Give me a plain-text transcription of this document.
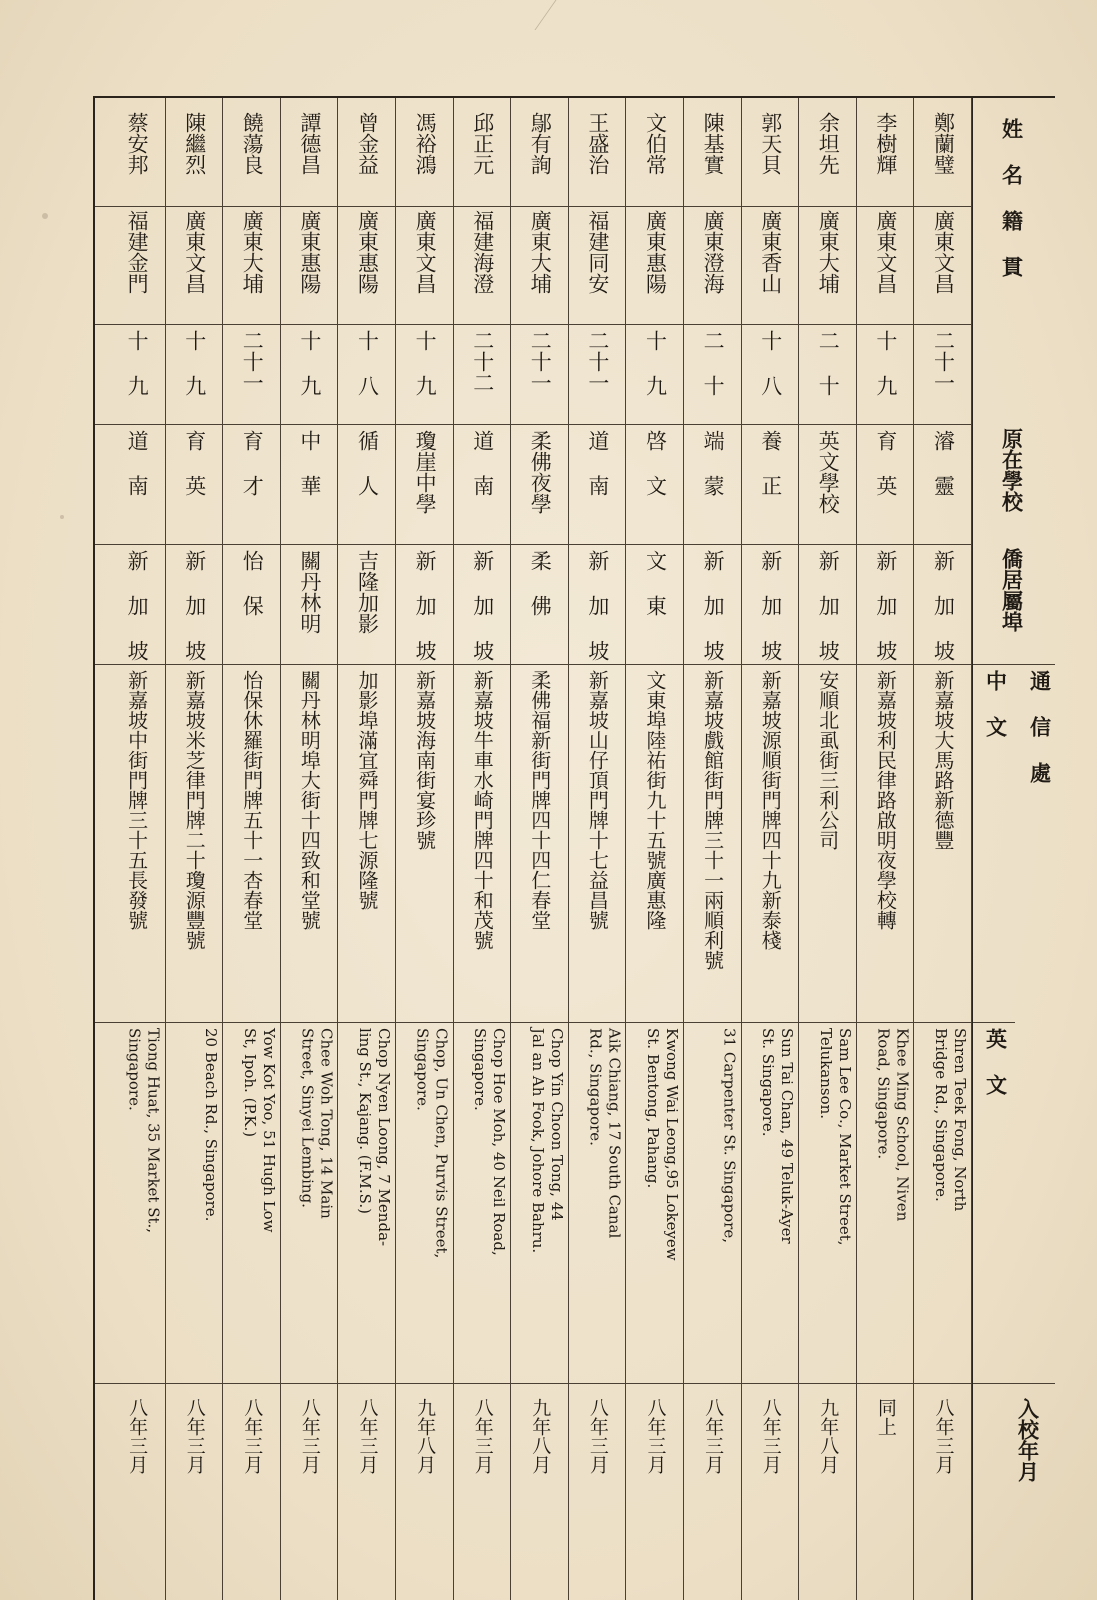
姓 名
籍 貫
原在學校
僑居屬埠
通 信 處
中 文
英 文
入校年月
鄭蘭璧
廣東文昌
二十一
濬 靈
新 加 坡
新嘉坡大馬路新德豐
Shren Teek Fong, North
Bridge Rd., Singapore.
八年三月
李樹輝
廣東文昌
十 九
育 英
新 加 坡
新嘉坡利民律路啟明夜學校轉
Khee Ming School, Niven
Road, Singapore.
同上
余坦先
廣東大埔
二 十
英文學校
新 加 坡
安順北虱街三利公司
Sam Lee Co., Market Street,
Telukanson.
九年八月
郭天貝
廣東香山
十 八
養 正
新 加 坡
新嘉坡源順街門牌四十九新泰棧
Sun Tai Chan, 49 Teluk-Ayer
St. Singapore.
八年三月
陳基實
廣東澄海
二 十
端 蒙
新 加 坡
新嘉坡戲館街門牌三十一兩順利號
31 Carpenter St. Singapore,
八年三月
文伯常
廣東惠陽
十 九
啓 文
文 東
文東埠陸祐街九十五號廣惠隆
Kwong Wai Leong,95 Lokeyew
St. Bentong, Pahang.
八年三月
王盛治
福建同安
二十一
道 南
新 加 坡
新嘉坡山仔頂門牌十七益昌號
Aik Chiang, 17 South Canal
Rd., Singapore.
八年三月
鄔有詢
廣東大埔
二十一
柔佛夜學
柔 佛
柔佛福新街門牌四十四仁春堂
Chop Yin Choon Tong, 44
Jal an Ah Fook, Johore Bahru.
九年八月
邱正元
福建海澄
二十二
道 南
新 加 坡
新嘉坡牛車水崎門牌四十和茂號
Chop Hoe Moh, 40 Neil Road,
Singapore.
八年三月
馮裕鴻
廣東文昌
十 九
瓊崖中學
新 加 坡
新嘉坡海南街宴珍號
Chop, Un Chen, Purvis Street,
Singapore.
九年八月
曾金益
廣東惠陽
十 八
循 人
吉隆加影
加影埠滿宜舜門牌七源隆號
Chop Nyen Loong, 7 Menda-
ling St., Kajang. (F.M.S.)
八年三月
譚德昌
廣東惠陽
十 九
中 華
關丹林明
關丹林明埠大街十四致和堂號
Chee Woh Tong, 14 Main
Street, Sinyei Lembing.
八年三月
饒蕩良
廣東大埔
二十一
育 才
怡 保
怡保休羅街門牌五十一杏春堂
Yow Kot Yoo, 51 Hugh Low
St, Ipoh. (P.K.)
八年三月
陳繼烈
廣東文昌
十 九
育 英
新 加 坡
新嘉坡米芝律門牌二十瓊源豐號
20 Beach Rd., Singapore.
八年三月
蔡安邦
福建金門
十 九
道 南
新 加 坡
新嘉坡中街門牌三十五長發號
Tiong Huat, 35 Market St.,
Singapore.
八年三月
